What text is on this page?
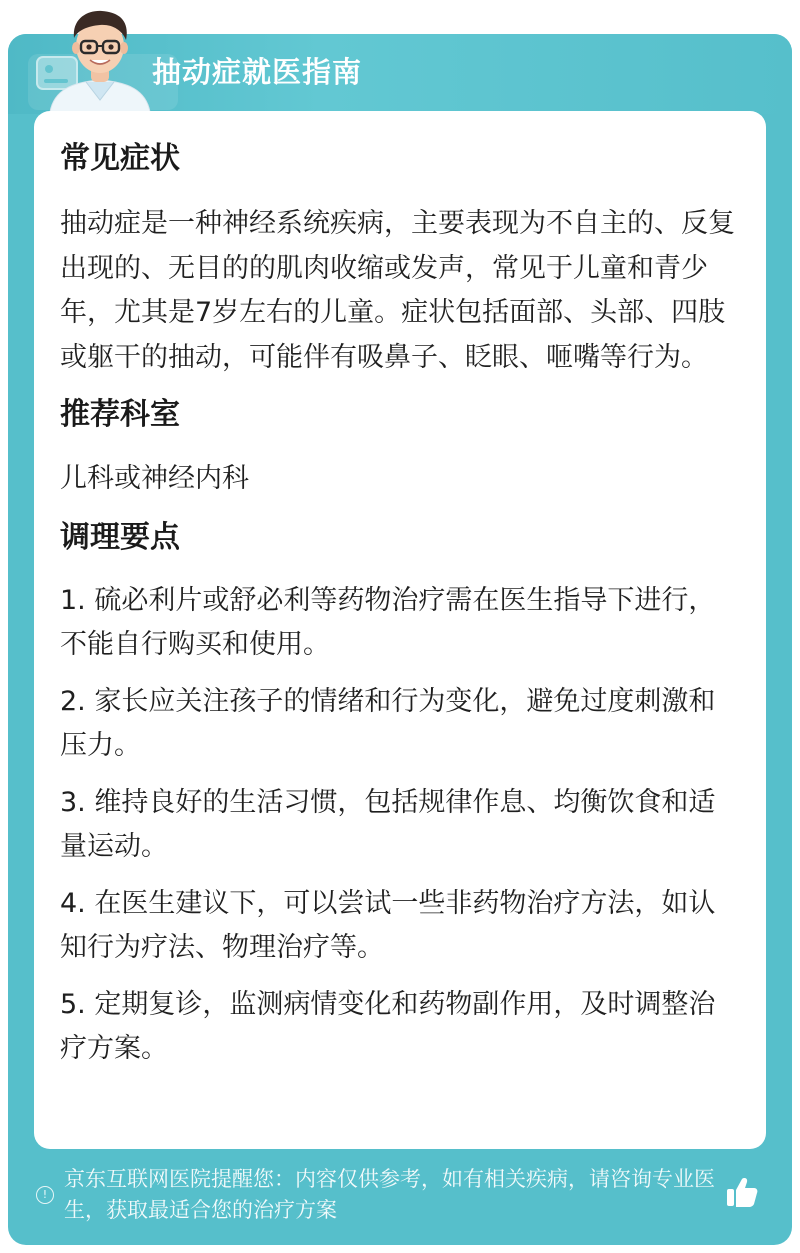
抽动症就医指南
常见症状

抽动症是一种神经系统疾病，主要表现为不自主的、反复出现的、无目的的肌肉收缩或发声，常见于儿童和青少年，尤其是7岁左右的儿童。症状包括面部、头部、四肢或躯干的抽动，可能伴有吸鼻子、眨眼、咂嘴等行为。

推荐科室

儿科或神经内科

调理要点

1. 硫必利片或舒必利等药物治疗需在医生指导下进行，不能自行购买和使用。

2. 家长应关注孩子的情绪和行为变化，避免过度刺激和压力。

3. 维持良好的生活习惯，包括规律作息、均衡饮食和适量运动。

4. 在医生建议下，可以尝试一些非药物治疗方法，如认知行为疗法、物理治疗等。

5. 定期复诊，监测病情变化和药物副作用，及时调整治疗方案。

!
京东互联网医院提醒您：内容仅供参考，如有相关疾病，请咨询专业医生，获取最适合您的治疗方案
